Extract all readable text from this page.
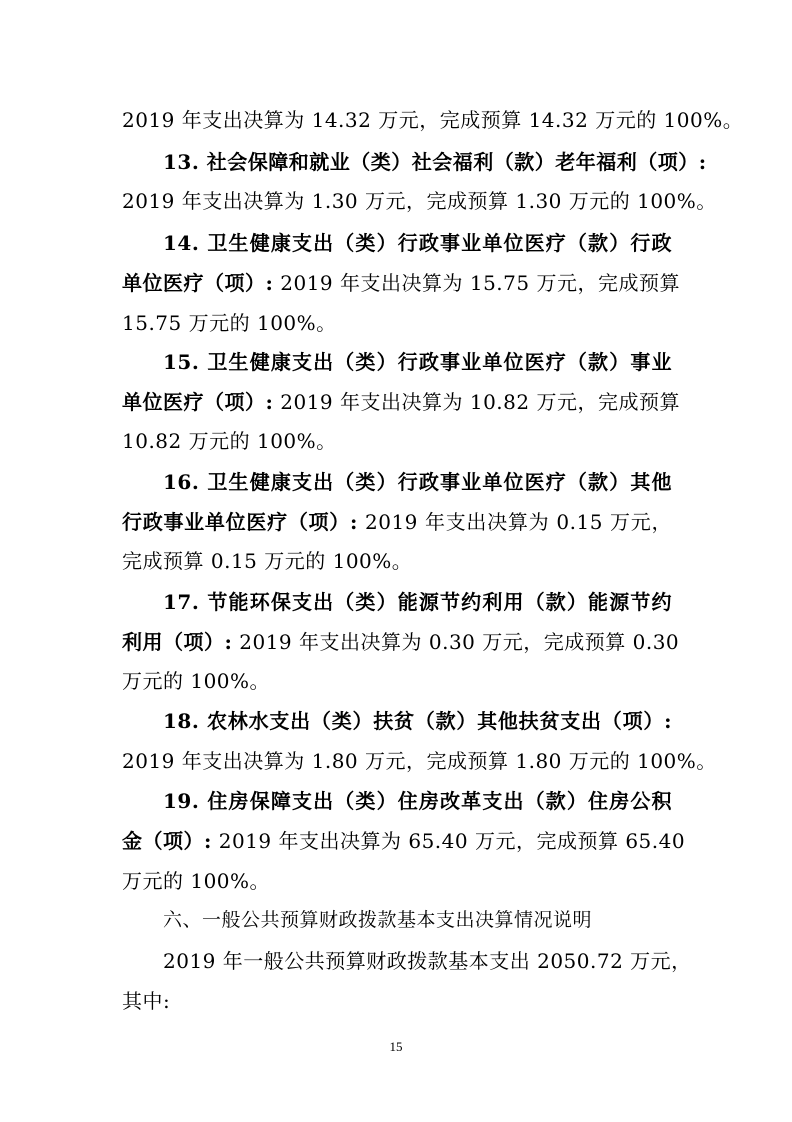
2019 年支出决算为 14.32 万元，完成预算 14.32 万元的 100%。
13. 社会保障和就业（类）社会福利（款）老年福利（项）:
2019 年支出决算为 1.30 万元，完成预算 1.30 万元的 100%。
14. 卫生健康支出（类）行政事业单位医疗（款）行政
单位医疗（项）: 2019 年支出决算为 15.75 万元，完成预算
15.75 万元的 100%。
15. 卫生健康支出（类）行政事业单位医疗（款）事业
单位医疗（项）: 2019 年支出决算为 10.82 万元，完成预算
10.82 万元的 100%。
16. 卫生健康支出（类）行政事业单位医疗（款）其他
行政事业单位医疗（项）: 2019 年支出决算为 0.15 万元，
完成预算 0.15 万元的 100%。
17. 节能环保支出（类）能源节约利用（款）能源节约
利用（项）: 2019 年支出决算为 0.30 万元，完成预算 0.30
万元的 100%。
18. 农林水支出（类）扶贫（款）其他扶贫支出（项）:
2019 年支出决算为 1.80 万元，完成预算 1.80 万元的 100%。
19. 住房保障支出（类）住房改革支出（款）住房公积
金（项）: 2019 年支出决算为 65.40 万元，完成预算 65.40
万元的 100%。
六、一般公共预算财政拨款基本支出决算情况说明
2019 年一般公共预算财政拨款基本支出 2050.72 万元，
其中:
15
